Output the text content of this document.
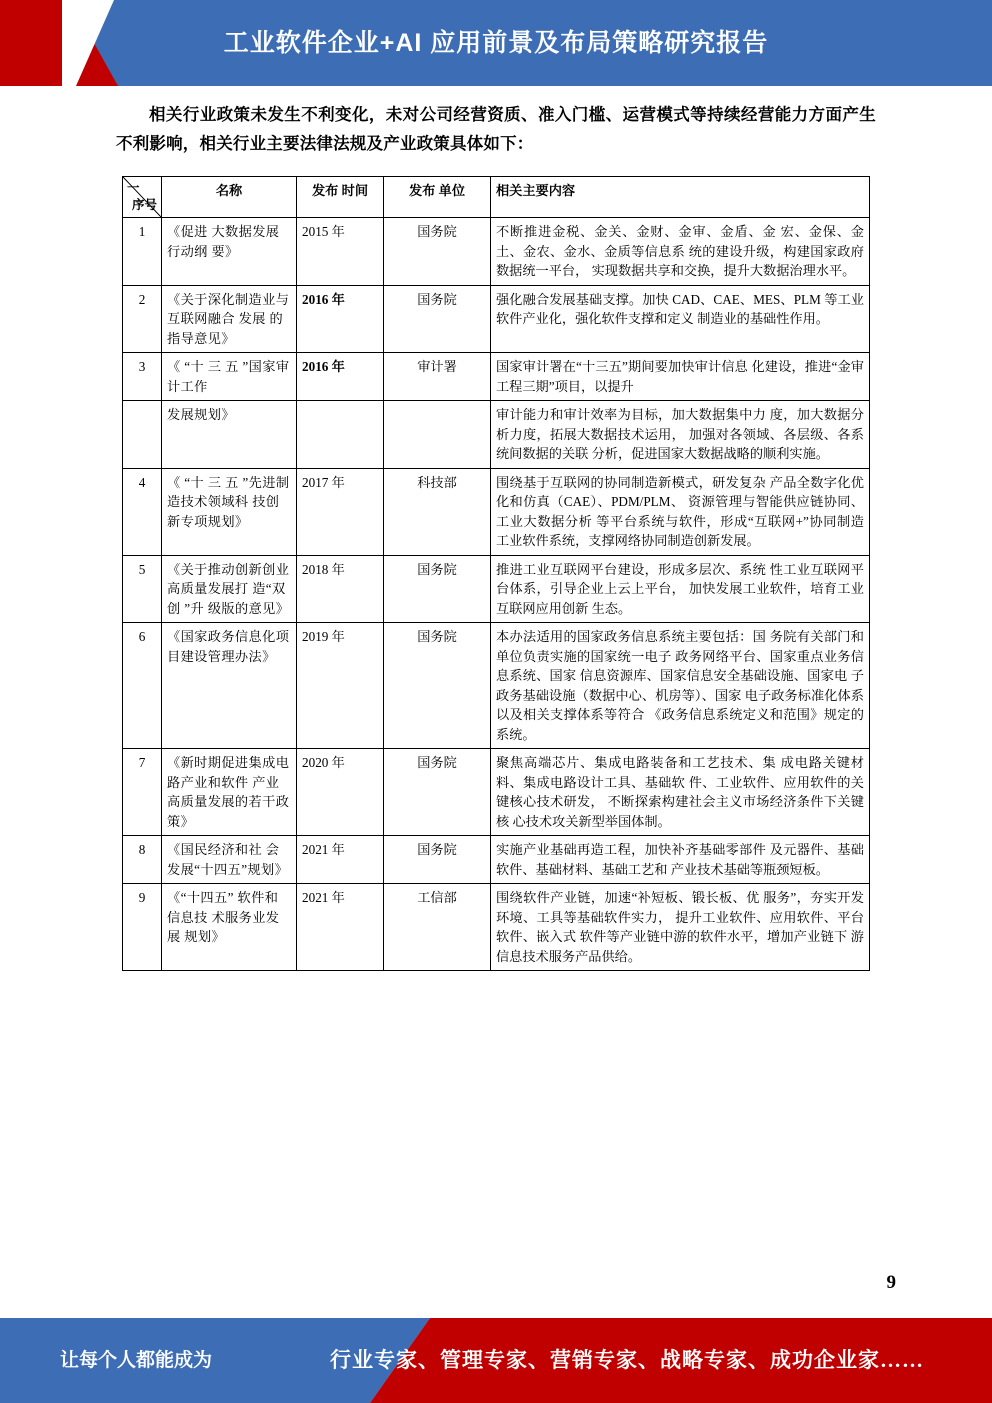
工业软件企业+AI 应用前景及布局策略研究报告

相关行业政策未发生不利变化，未对公司经营资质、准入门槛、运营模式等持续经营能力方面产生不利影响，相关行业主要法律法规及产业政策具体如下：

一
序号	名称	发布 时间	发布 单位	相关主要内容
1	《促进 大数据发展行动纲 要》	2015 年	国务院	不断推进金税、金关、金财、金审、金盾、金 宏、金保、金土、金农、金水、金质等信息系 统的建设升级，构建国家政府数据统一平台， 实现数据共享和交换，提升大数据治理水平。
2	《关于深化制造业与互联网融合 发展 的指导意见》	2016 年	国务院	强化融合发展基础支撑。加快 CAD、CAE、MES、PLM 等工业软件产业化，强化软件支撑和定义 制造业的基础性作用。
3	《 “十 三 五 ”国家审计工作	2016 年	审计署	国家审计署在“十三五”期间要加快审计信息 化建设，推进“金审工程三期”项目，以提升
	发展规划》			审计能力和审计效率为目标，加大数据集中力 度，加大数据分析力度，拓展大数据技术运用， 加强对各领域、各层级、各系统间数据的关联 分析，促进国家大数据战略的顺利实施。
4	《 “十 三 五 ”先进制造技术领域科 技创新专项规划》	2017 年	科技部	围绕基于互联网的协同制造新模式，研发复杂 产品全数字化优化和仿真（CAE）、PDM/PLM、 资源管理与智能供应链协同、工业大数据分析 等平台系统与软件，形成“互联网+”协同制造 工业软件系统，支撑网络协同制造创新发展。
5	《关于推动创新创业高质量发展打 造“双创 ”升 级版的意见》	2018 年	国务院	推进工业互联网平台建设，形成多层次、系统 性工业互联网平台体系，引导企业上云上平台， 加快发展工业软件，培育工业互联网应用创新 生态。
6	《国家政务信息化项目建设管理办法》	2019 年	国务院	本办法适用的国家政务信息系统主要包括：国 务院有关部门和单位负责实施的国家统一电子 政务网络平台、国家重点业务信息系统、国家 信息资源库、国家信息安全基础设施、国家电 子政务基础设施（数据中心、机房等）、国家 电子政务标准化体系以及相关支撑体系等符合 《政务信息系统定义和范围》规定的系统。
7	《新时期促进集成电路产业和软件 产业高质量发展的若干政策》	2020 年	国务院	聚焦高端芯片、集成电路装备和工艺技术、集 成电路关键材料、集成电路设计工具、基础软 件、工业软件、应用软件的关键核心技术研发， 不断探索构建社会主义市场经济条件下关键核 心技术攻关新型举国体制。
8	《国民经济和社 会发展“十四五”规划》	2021 年	国务院	实施产业基础再造工程，加快补齐基础零部件 及元器件、基础软件、基础材料、基础工艺和 产业技术基础等瓶颈短板。
9	《“十四五” 软件和信息技 术服务业发展 规划》	2021 年	工信部	围绕软件产业链，加速“补短板、锻长板、优 服务”，夯实开发环境、工具等基础软件实力， 提升工业软件、应用软件、平台软件、嵌入式 软件等产业链中游的软件水平，增加产业链下 游信息技术服务产品供给。
9
让每个人都能成为	行业专家、管理专家、营销专家、战略专家、成功企业家……
